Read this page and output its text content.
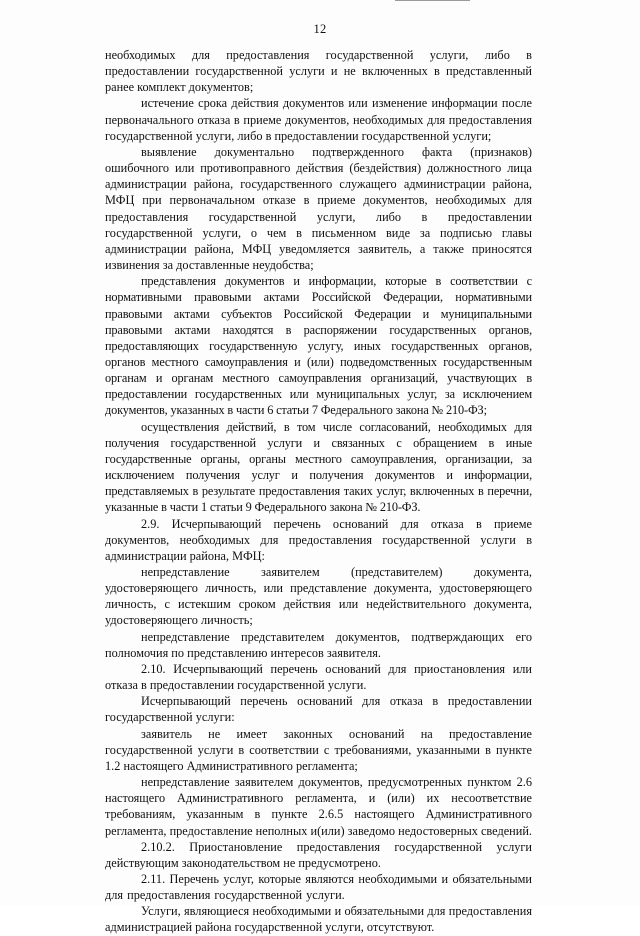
12

необходимых для предоставления государственной услуги, либо в предоставлении государственной услуги и не включенных в представленный ранее комплект документов;

истечение срока действия документов или изменение информации после первоначального отказа в приеме документов, необходимых для предоставления государственной услуги, либо в предоставлении государственной услуги;

выявление документально подтвержденного факта (признаков) ошибочного или противоправного действия (бездействия) должностного лица администрации района, государственного служащего администрации района, МФЦ при первоначальном отказе в приеме документов, необходимых для предоставления государственной услуги, либо в предоставлении государственной услуги, о чем в письменном виде за подписью главы администрации района, МФЦ уведомляется заявитель, а также приносятся извинения за доставленные неудобства;

представления документов и информации, которые в соответствии с нормативными правовыми актами Российской Федерации, нормативными правовыми актами субъектов Российской Федерации и муниципальными правовыми актами находятся в распоряжении государственных органов, предоставляющих государственную услугу, иных государственных органов, органов местного самоуправления и (или) подведомственных государственным органам и органам местного самоуправления организаций, участвующих в предоставлении государственных или муниципальных услуг, за исключением документов, указанных в части 6 статьи 7 Федерального закона № 210-ФЗ;

осуществления действий, в том числе согласований, необходимых для получения государственной услуги и связанных с обращением в иные государственные органы, органы местного самоуправления, организации, за исключением получения услуг и получения документов и информации, представляемых в результате предоставления таких услуг, включенных в перечни, указанные в части 1 статьи 9 Федерального закона № 210-ФЗ.

2.9. Исчерпывающий перечень оснований для отказа в приеме документов, необходимых для предоставления государственной услуги в администрации района, МФЦ:

непредставление заявителем (представителем) документа, удостоверяющего личность, или представление документа, удостоверяющего личность, с истекшим сроком действия или недействительного документа, удостоверяющего личность;

непредставление представителем документов, подтверждающих его полномочия по представлению интересов заявителя.

2.10. Исчерпывающий перечень оснований для приостановления или отказа в предоставлении государственной услуги.

Исчерпывающий перечень оснований для отказа в предоставлении государственной услуги:

заявитель не имеет законных оснований на предоставление государственной услуги в соответствии с требованиями, указанными в пункте 1.2 настоящего Административного регламента;

непредставление заявителем документов, предусмотренных пунктом 2.6 настоящего Административного регламента, и (или) их несоответствие требованиям, указанным в пункте 2.6.5 настоящего Административного регламента, предоставление неполных и(или) заведомо недостоверных сведений.

2.10.2. Приостановление предоставления государственной услуги действующим законодательством не предусмотрено.

2.11. Перечень услуг, которые являются необходимыми и обязательными для предоставления государственной услуги.

Услуги, являющиеся необходимыми и обязательными для предоставления администрацией района государственной услуги, отсутствуют.
